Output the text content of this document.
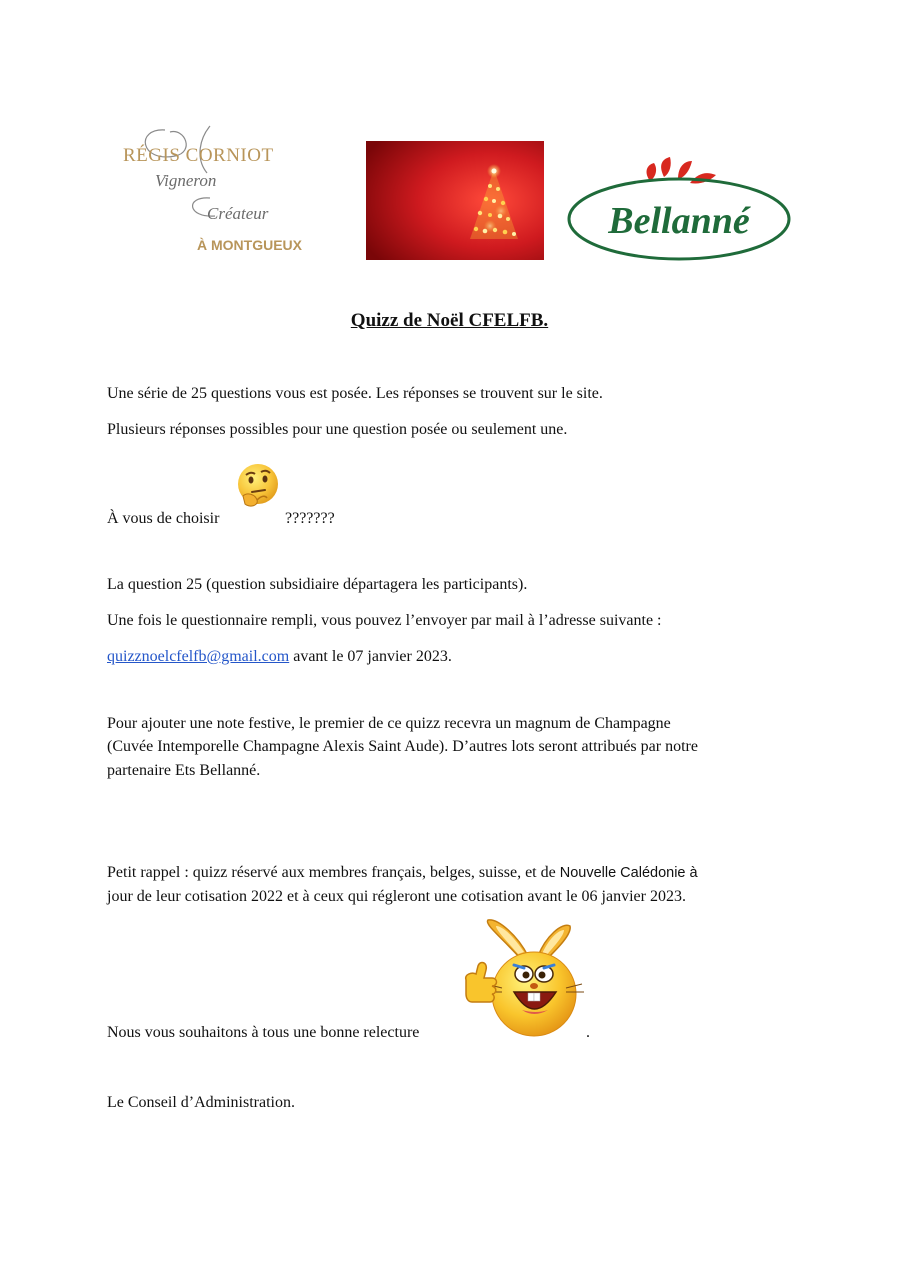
RÉGIS CORNIOT
Vigneron
Créateur
À MONTGUEUX
Bellanné
Quizz de Noël CFELFB.
Une série de 25 questions vous est posée. Les réponses se trouvent sur le site.
Plusieurs réponses possibles pour une question posée ou seulement une.
À vous de choisir	???????
La question 25 (question subsidiaire départagera les participants).
Une fois le questionnaire rempli, vous pouvez l’envoyer par mail à l’adresse suivante :
quizznoelcfelfb@gmail.com avant le 07 janvier 2023.
Pour ajouter une note festive, le premier de ce quizz recevra un magnum de Champagne
(Cuvée Intemporelle Champagne Alexis Saint Aude). D’autres lots seront attribués par notre
partenaire Ets Bellanné.
Petit rappel : quizz réservé aux membres français, belges, suisse, et de Nouvelle Calédonie à
jour de leur cotisation 2022 et à ceux qui régleront une cotisation avant le 06 janvier 2023.
Nous vous souhaitons à tous une bonne relecture	.
Le Conseil d’Administration.
